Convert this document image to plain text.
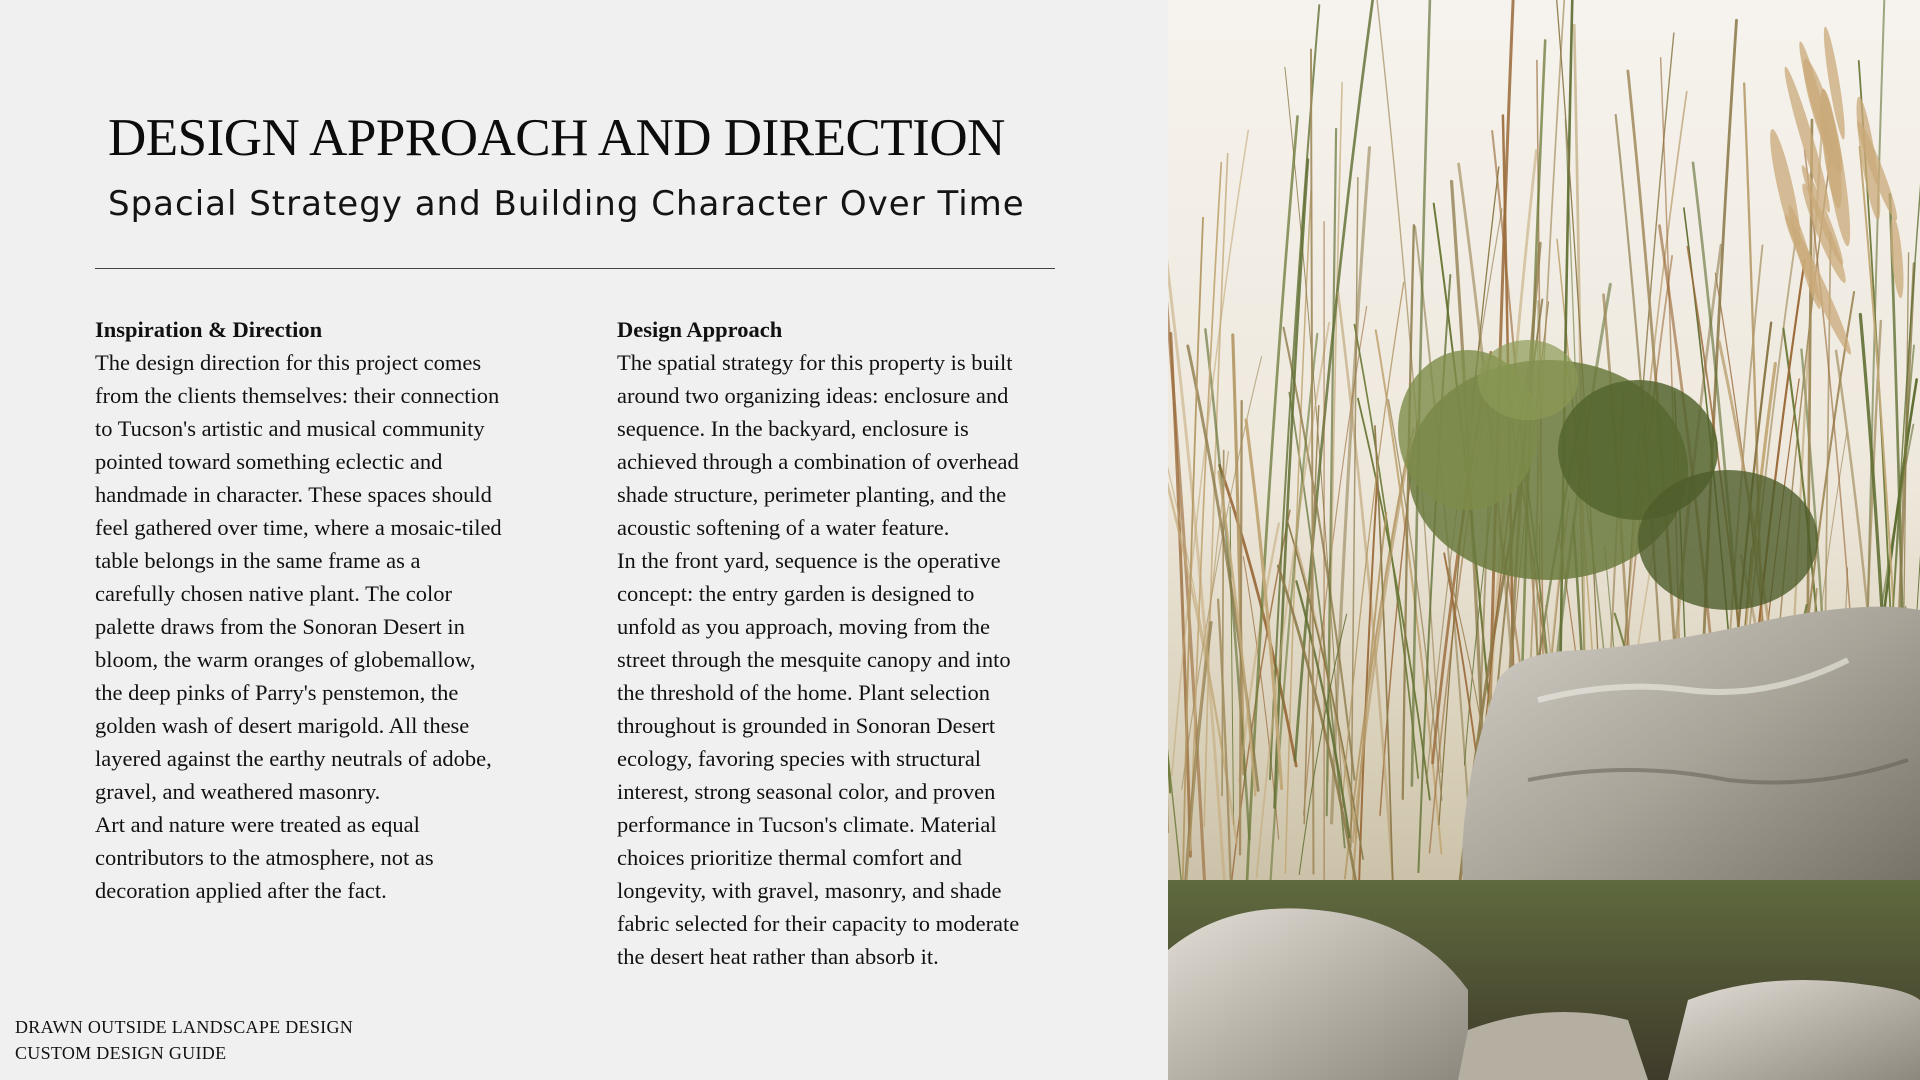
DESIGN APPROACH AND DIRECTION
Spacial Strategy and Building Character Over Time
Inspiration & Direction

The design direction for this project comes
from the clients themselves: their connection
to Tucson's artistic and musical community
pointed toward something eclectic and
handmade in character. These spaces should
feel gathered over time, where a mosaic-tiled
table belongs in the same frame as a
carefully chosen native plant. The color
palette draws from the Sonoran Desert in
bloom, the warm oranges of globemallow,
the deep pinks of Parry's penstemon, the
golden wash of desert marigold. All these
layered against the earthy neutrals of adobe,
gravel, and weathered masonry.

Art and nature were treated as equal
contributors to the atmosphere, not as
decoration applied after the fact.

Design Approach

The spatial strategy for this property is built
around two organizing ideas: enclosure and
sequence. In the backyard, enclosure is
achieved through a combination of overhead
shade structure, perimeter planting, and the
acoustic softening of a water feature.

In the front yard, sequence is the operative
concept: the entry garden is designed to
unfold as you approach, moving from the
street through the mesquite canopy and into
the threshold of the home. Plant selection
throughout is grounded in Sonoran Desert
ecology, favoring species with structural
interest, strong seasonal color, and proven
performance in Tucson's climate. Material
choices prioritize thermal comfort and
longevity, with gravel, masonry, and shade
fabric selected for their capacity to moderate
the desert heat rather than absorb it.

DRAWN OUTSIDE LANDSCAPE DESIGN
CUSTOM DESIGN GUIDE
